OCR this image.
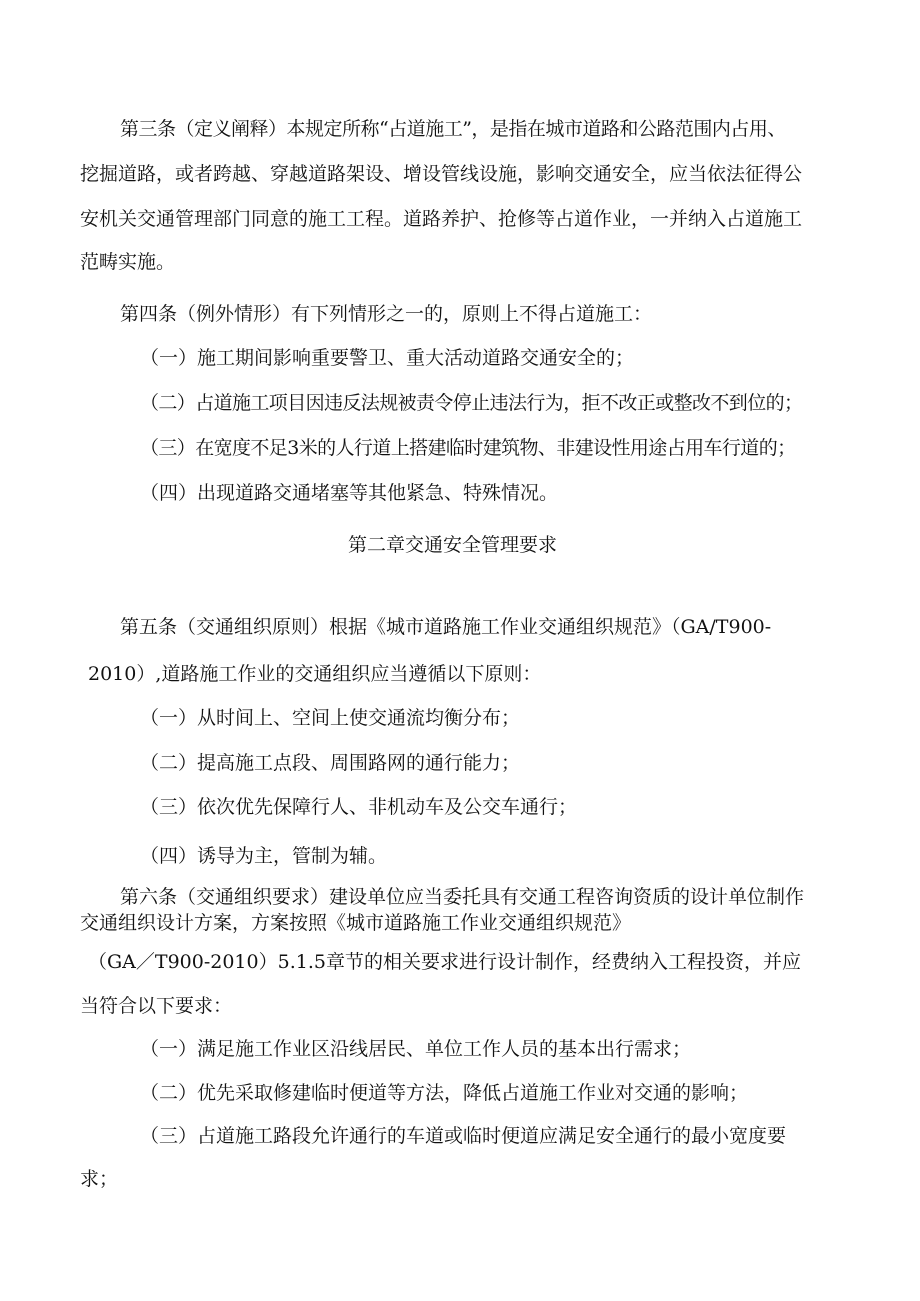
第三条（定义阐释）本规定所称“占道施工”，是指在城市道路和公路范围内占用、

挖掘道路，或者跨越、穿越道路架设、增设管线设施，影响交通安全，应当依法征得公

安机关交通管理部门同意的施工工程。道路养护、抢修等占道作业，一并纳入占道施工

范畴实施。

第四条（例外情形）有下列情形之一的，原则上不得占道施工：

（一）施工期间影响重要警卫、重大活动道路交通安全的；

（二）占道施工项目因违反法规被责令停止违法行为，拒不改正或整改不到位的；

（三）在宽度不足3米的人行道上搭建临时建筑物、非建设性用途占用车行道的；

（四）出现道路交通堵塞等其他紧急、特殊情况。

第二章交通安全管理要求

第五条（交通组织原则）根据《城市道路施工作业交通组织规范》（GA/T900-

2010）,道路施工作业的交通组织应当遵循以下原则：

（一）从时间上、空间上使交通流均衡分布；

（二）提高施工点段、周围路网的通行能力；

（三）依次优先保障行人、非机动车及公交车通行；

（四）诱导为主，管制为辅。

第六条（交通组织要求）建设单位应当委托具有交通工程咨询资质的设计单位制作

交通组织设计方案，方案按照《城市道路施工作业交通组织规范》

（GA／T900-2010）5.1.5章节的相关要求进行设计制作，经费纳入工程投资，并应

当符合以下要求：

（一）满足施工作业区沿线居民、单位工作人员的基本出行需求；

（二）优先采取修建临时便道等方法，降低占道施工作业对交通的影响；

（三）占道施工路段允许通行的车道或临时便道应满足安全通行的最小宽度要

求；
